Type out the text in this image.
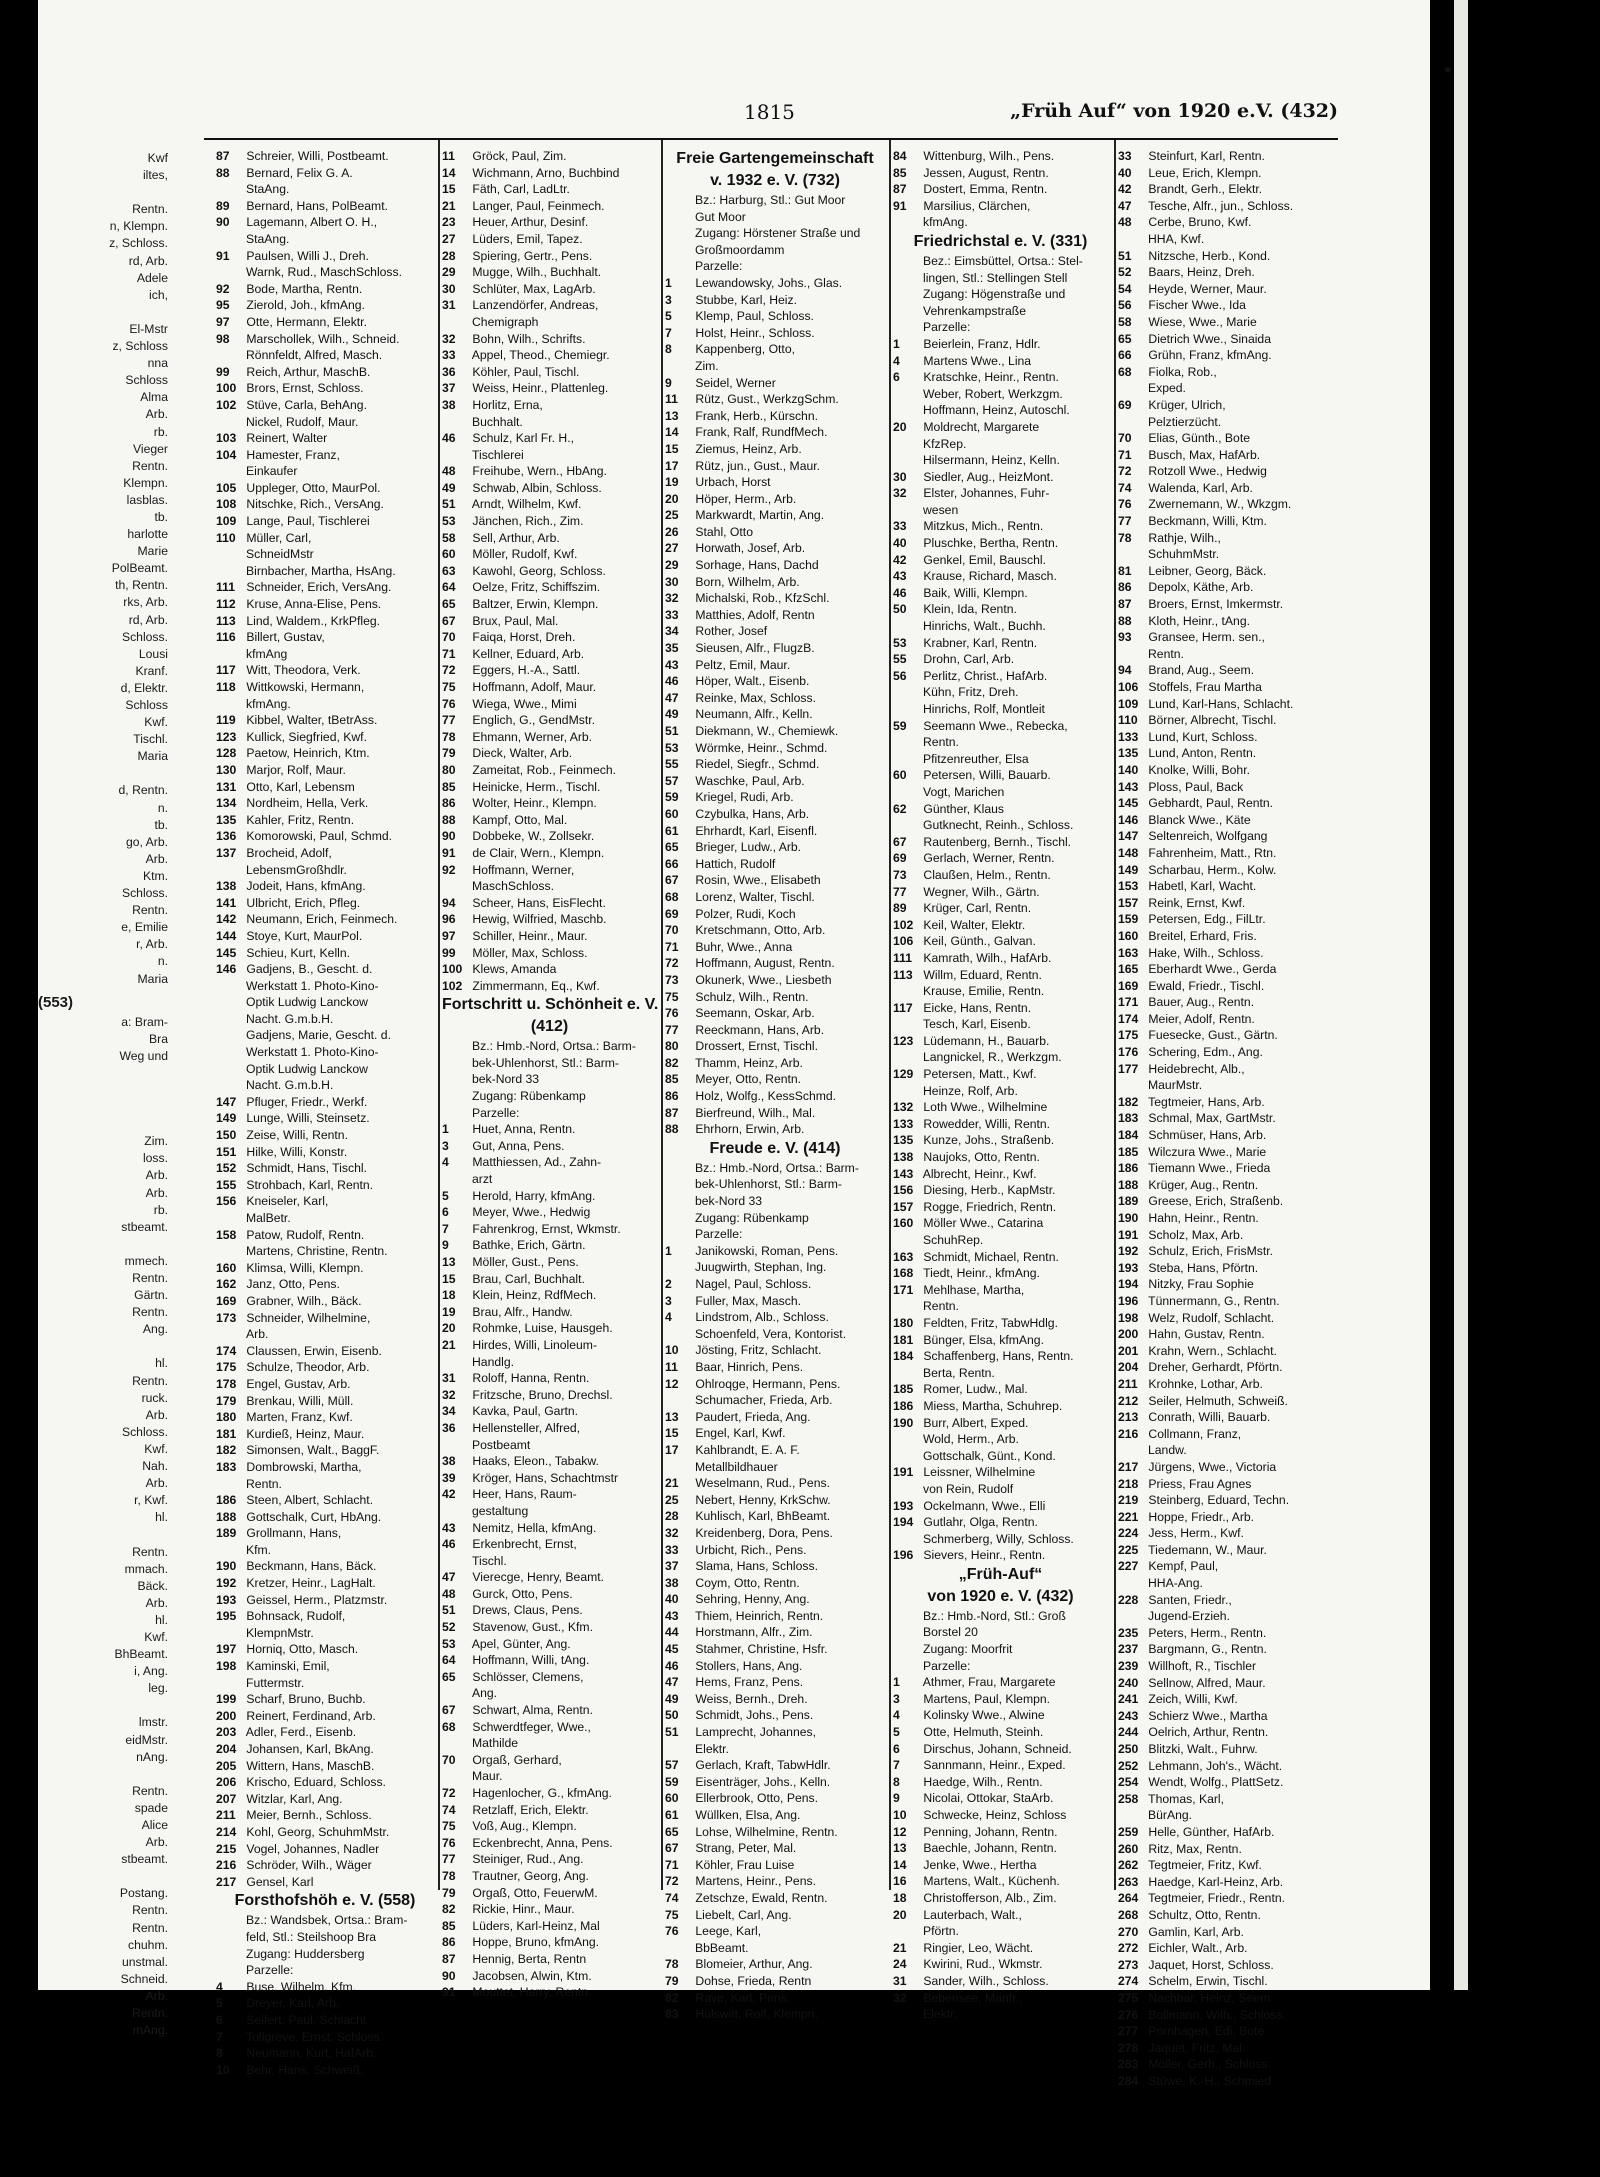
Kwf
iltes,
Rentn.
n, Klempn.
z, Schloss.
rd, Arb.
Adele
ich,
El-Mstr
z, Schloss
nna
Schloss
Alma
Arb.
rb.
Vieger
Rentn.
Klempn.
lasblas.
tb.
harlotte
Marie
PolBeamt.
th, Rentn.
rks, Arb.
rd, Arb.
Schloss.
Lousi
Kranf.
d, Elektr.
Schloss
Kwf.
Tischl.
Maria
d, Rentn.
n.
tb.
go, Arb.
Arb.
Ktm.
Schloss.
Rentn.
e, Emilie
r, Arb.
n.
Maria
(553)
a: Bram-
Bra
Weg und
Zim.
loss.
Arb.
Arb.
rb.
stbeamt.
mmech.
Rentn.
Gärtn.
Rentn.
Ang.
hl.
Rentn.
ruck.
Arb.
Schloss.
Kwf.
Nah.
Arb.
r, Kwf.
hl.
Rentn.
mmach.
Bäck.
Arb.
hl.
Kwf.
BhBeamt.
i, Ang.
leg.
lmstr.
eidMstr.
nAng.
Rentn.
spade
Alice
Arb.
stbeamt.
Postang.
Rentn.
Rentn.
chuhm.
unstmal.
Schneid.
Arb.
Rentn.
mAng.
1815	„Früh Auf“ von 1920 e.V. (432)
87 Schreier, Willi, Postbeamt.
88 Bernard, Felix G. A.
StaAng.
89 Bernard, Hans, PolBeamt.
90 Lagemann, Albert O. H.,
StaAng.
91 Paulsen, Willi J., Dreh.
Warnk, Rud., MaschSchloss.
92 Bode, Martha, Rentn.
95 Zierold, Joh., kfmAng.
97 Otte, Hermann, Elektr.
98 Marschollek, Wilh., Schneid.
Rönnfeldt, Alfred, Masch.
99 Reich, Arthur, MaschB.
100 Brors, Ernst, Schloss.
102 Stüve, Carla, BehAng.
Nickel, Rudolf, Maur.
103 Reinert, Walter
104 Hamester, Franz,
Einkaufer
105 Uppleger, Otto, MaurPol.
108 Nitschke, Rich., VersAng.
109 Lange, Paul, Tischlerei
110 Müller, Carl,
SchneidMstr
Birnbacher, Martha, HsAng.
111 Schneider, Erich, VersAng.
112 Kruse, Anna-Elise, Pens.
113 Lind, Waldem., KrkPfleg.
116 Billert, Gustav,
kfmAng
117 Witt, Theodora, Verk.
118 Wittkowski, Hermann,
kfmAng.
119 Kibbel, Walter, tBetrAss.
123 Kullick, Siegfried, Kwf.
128 Paetow, Heinrich, Ktm.
130 Marjor, Rolf, Maur.
131 Otto, Karl, Lebensm
134 Nordheim, Hella, Verk.
135 Kahler, Fritz, Rentn.
136 Komorowski, Paul, Schmd.
137 Brocheid, Adolf,
LebensmGroßhdlr.
138 Jodeit, Hans, kfmAng.
141 Ulbricht, Erich, Pfleg.
142 Neumann, Erich, Feinmech.
144 Stoye, Kurt, MaurPol.
145 Schieu, Kurt, Kelln.
146 Gadjens, B., Gescht. d.
Werkstatt 1. Photo-Kino-
Optik Ludwig Lanckow
Nacht. G.m.b.H.
Gadjens, Marie, Gescht. d.
Werkstatt 1. Photo-Kino-
Optik Ludwig Lanckow
Nacht. G.m.b.H.
147 Pfluger, Friedr., Werkf.
149 Lunge, Willi, Steinsetz.
150 Zeise, Willi, Rentn.
151 Hilke, Willi, Konstr.
152 Schmidt, Hans, Tischl.
155 Strohbach, Karl, Rentn.
156 Kneiseler, Karl,
MalBetr.
158 Patow, Rudolf, Rentn.
Martens, Christine, Rentn.
160 Klimsa, Willi, Klempn.
162 Janz, Otto, Pens.
169 Grabner, Wilh., Bäck.
173 Schneider, Wilhelmine,
Arb.
174 Claussen, Erwin, Eisenb.
175 Schulze, Theodor, Arb.
178 Engel, Gustav, Arb.
179 Brenkau, Willi, Müll.
180 Marten, Franz, Kwf.
181 Kurdieß, Heinz, Maur.
182 Simonsen, Walt., BaggF.
183 Dombrowski, Martha,
Rentn.
186 Steen, Albert, Schlacht.
188 Gottschalk, Curt, HbAng.
189 Grollmann, Hans,
Kfm.
190 Beckmann, Hans, Bäck.
192 Kretzer, Heinr., LagHalt.
193 Geissel, Herm., Platzmstr.
195 Bohnsack, Rudolf,
KlempnMstr.
197 Horniq, Otto, Masch.
198 Kaminski, Emil,
Futtermstr.
199 Scharf, Bruno, Buchb.
200 Reinert, Ferdinand, Arb.
203 Adler, Ferd., Eisenb.
204 Johansen, Karl, BkAng.
205 Wittern, Hans, MaschB.
206 Krischo, Eduard, Schloss.
207 Witzlar, Karl, Ang.
211 Meier, Bernh., Schloss.
214 Kohl, Georg, SchuhmMstr.
215 Vogel, Johannes, Nadler
216 Schröder, Wilh., Wäger
217 Gensel, Karl
Forsthofshöh e. V. (558)
Bz.: Wandsbek, Ortsa.: Bram-
feld, Stl.: Steilshoop Bra
Zugang: Huddersberg
Parzelle:
4 Buse, Wilhelm, Kfm.
5 Dreyer, Karl, Arb.
6 Seifert, Paul, Schlacht.
7 Tollgreve, Ernst, Schloss.
8 Neumann, Kurt, HafArb.
10 Behr, Hans, Schweiß.
11 Gröck, Paul, Zim.
14 Wichmann, Arno, Buchbind
15 Fäth, Carl, LadLtr.
21 Langer, Paul, Feinmech.
23 Heuer, Arthur, Desinf.
27 Lüders, Emil, Tapez.
28 Spiering, Gertr., Pens.
29 Mugge, Wilh., Buchhalt.
30 Schlüter, Max, LagArb.
31 Lanzendörfer, Andreas,
Chemigraph
32 Bohn, Wilh., Schrifts.
33 Appel, Theod., Chemiegr.
36 Köhler, Paul, Tischl.
37 Weiss, Heinr., Plattenleg.
38 Horlitz, Erna,
Buchhalt.
46 Schulz, Karl Fr. H.,
Tischlerei
48 Freihube, Wern., HbAng.
49 Schwab, Albin, Schloss.
51 Arndt, Wilhelm, Kwf.
53 Jänchen, Rich., Zim.
58 Sell, Arthur, Arb.
60 Möller, Rudolf, Kwf.
63 Kawohl, Georg, Schloss.
64 Oelze, Fritz, Schiffszim.
65 Baltzer, Erwin, Klempn.
67 Brux, Paul, Mal.
70 Faiqa, Horst, Dreh.
71 Kellner, Eduard, Arb.
72 Eggers, H.-A., Sattl.
75 Hoffmann, Adolf, Maur.
76 Wiega, Wwe., Mimi
77 Englich, G., GendMstr.
78 Ehmann, Werner, Arb.
79 Dieck, Walter, Arb.
80 Zameitat, Rob., Feinmech.
85 Heinicke, Herm., Tischl.
86 Wolter, Heinr., Klempn.
88 Kampf, Otto, Mal.
90 Dobbeke, W., Zollsekr.
91 de Clair, Wern., Klempn.
92 Hoffmann, Werner,
MaschSchloss.
94 Scheer, Hans, EisFlecht.
96 Hewig, Wilfried, Maschb.
97 Schiller, Heinr., Maur.
99 Möller, Max, Schloss.
100 Klews, Amanda
102 Zimmermann, Eq., Kwf.
Fortschritt u. Schönheit e. V.
(412)
Bz.: Hmb.-Nord, Ortsa.: Barm-
bek-Uhlenhorst, Stl.: Barm-
bek-Nord 33
Zugang: Rübenkamp
Parzelle:
1 Huet, Anna, Rentn.
3 Gut, Anna, Pens.
4 Matthiessen, Ad., Zahn-
arzt
5 Herold, Harry, kfmAng.
6 Meyer, Wwe., Hedwig
7 Fahrenkrog, Ernst, Wkmstr.
9 Bathke, Erich, Gärtn.
13 Möller, Gust., Pens.
15 Brau, Carl, Buchhalt.
18 Klein, Heinz, RdfMech.
19 Brau, Alfr., Handw.
20 Rohmke, Luise, Hausgeh.
21 Hirdes, Willi, Linoleum-
Handlg.
31 Roloff, Hanna, Rentn.
32 Fritzsche, Bruno, Drechsl.
34 Kavka, Paul, Gartn.
36 Hellensteller, Alfred,
Postbeamt
38 Haaks, Eleon., Tabakw.
39 Kröger, Hans, Schachtmstr
42 Heer, Hans, Raum-
gestaltung
43 Nemitz, Hella, kfmAng.
46 Erkenbrecht, Ernst,
Tischl.
47 Vierecge, Henry, Beamt.
48 Gurck, Otto, Pens.
51 Drews, Claus, Pens.
52 Stavenow, Gust., Kfm.
53 Apel, Günter, Ang.
64 Hoffmann, Willi, tAng.
65 Schlösser, Clemens,
Ang.
67 Schwart, Alma, Rentn.
68 Schwerdtfeger, Wwe.,
Mathilde
70 Orgaß, Gerhard,
Maur.
72 Hagenlocher, G., kfmAng.
74 Retzlaff, Erich, Elektr.
75 Voß, Aug., Klempn.
76 Eckenbrecht, Anna, Pens.
77 Steiniger, Rud., Ang.
78 Trautner, Georg, Ang.
79 Orgaß, Otto, FeuerwM.
82 Rickie, Hinr., Maur.
85 Lüders, Karl-Heinz, Mal
86 Hoppe, Bruno, kfmAng.
87 Hennig, Berta, Rentn
90 Jacobsen, Alwin, Ktm.
91 Mouttet, Harry, Rentn.
Freie Gartengemeinschaft
v. 1932 e. V. (732)
Bz.: Harburg, Stl.: Gut Moor
Gut Moor
Zugang: Hörstener Straße und
Großmoordamm
Parzelle:
1 Lewandowsky, Johs., Glas.
3 Stubbe, Karl, Heiz.
5 Klemp, Paul, Schloss.
7 Holst, Heinr., Schloss.
8 Kappenberg, Otto,
Zim.
9 Seidel, Werner
11 Rütz, Gust., WerkzgSchm.
13 Frank, Herb., Kürschn.
14 Frank, Ralf, RundfMech.
15 Ziemus, Heinz, Arb.
17 Rütz, jun., Gust., Maur.
19 Urbach, Horst
20 Höper, Herm., Arb.
25 Markwardt, Martin, Ang.
26 Stahl, Otto
27 Horwath, Josef, Arb.
29 Sorhage, Hans, Dachd
30 Born, Wilhelm, Arb.
32 Michalski, Rob., KfzSchl.
33 Matthies, Adolf, Rentn
34 Rother, Josef
35 Sieusen, Alfr., FlugzB.
43 Peltz, Emil, Maur.
46 Höper, Walt., Eisenb.
47 Reinke, Max, Schloss.
49 Neumann, Alfr., Kelln.
51 Diekmann, W., Chemiewk.
53 Wörmke, Heinr., Schmd.
55 Riedel, Siegfr., Schmd.
57 Waschke, Paul, Arb.
59 Kriegel, Rudi, Arb.
60 Czybulka, Hans, Arb.
61 Ehrhardt, Karl, Eisenfl.
65 Brieger, Ludw., Arb.
66 Hattich, Rudolf
67 Rosin, Wwe., Elisabeth
68 Lorenz, Walter, Tischl.
69 Polzer, Rudi, Koch
70 Kretschmann, Otto, Arb.
71 Buhr, Wwe., Anna
72 Hoffmann, August, Rentn.
73 Okunerk, Wwe., Liesbeth
75 Schulz, Wilh., Rentn.
76 Seemann, Oskar, Arb.
77 Reeckmann, Hans, Arb.
80 Drossert, Ernst, Tischl.
82 Thamm, Heinz, Arb.
85 Meyer, Otto, Rentn.
86 Holz, Wolfg., KessSchmd.
87 Bierfreund, Wilh., Mal.
88 Ehrhorn, Erwin, Arb.
Freude e. V. (414)
Bz.: Hmb.-Nord, Ortsa.: Barm-
bek-Uhlenhorst, Stl.: Barm-
bek-Nord 33
Zugang: Rübenkamp
Parzelle:
1 Janikowski, Roman, Pens.
Juugwirth, Stephan, Ing.
2 Nagel, Paul, Schloss.
3 Fuller, Max, Masch.
4 Lindstrom, Alb., Schloss.
Schoenfeld, Vera, Kontorist.
10 Jösting, Fritz, Schlacht.
11 Baar, Hinrich, Pens.
12 Ohlroqge, Hermann, Pens.
Schumacher, Frieda, Arb.
13 Paudert, Frieda, Ang.
15 Engel, Karl, Kwf.
17 Kahlbrandt, E. A. F.
Metallbildhauer
21 Weselmann, Rud., Pens.
25 Nebert, Henny, KrkSchw.
28 Kuhlisch, Karl, BhBeamt.
32 Kreidenberg, Dora, Pens.
33 Urbicht, Rich., Pens.
37 Slama, Hans, Schloss.
38 Coym, Otto, Rentn.
40 Sehring, Henny, Ang.
43 Thiem, Heinrich, Rentn.
44 Horstmann, Alfr., Zim.
45 Stahmer, Christine, Hsfr.
46 Stollers, Hans, Ang.
47 Hems, Franz, Pens.
49 Weiss, Bernh., Dreh.
50 Schmidt, Johs., Pens.
51 Lamprecht, Johannes,
Elektr.
57 Gerlach, Kraft, TabwHdlr.
59 Eisenträger, Johs., Kelln.
60 Ellerbrook, Otto, Pens.
61 Wüllken, Elsa, Ang.
65 Lohse, Wilhelmine, Rentn.
67 Strang, Peter, Mal.
71 Köhler, Frau Luise
72 Martens, Heinr., Pens.
74 Zetschze, Ewald, Rentn.
75 Liebelt, Carl, Ang.
76 Leege, Karl,
BbBeamt.
78 Blomeier, Arthur, Ang.
79 Dohse, Frieda, Rentn
82 Rave, Karl, Pens.
83 Hülswitt, Rolf, Klempn.
84 Wittenburg, Wilh., Pens.
85 Jessen, August, Rentn.
87 Dostert, Emma, Rentn.
91 Marsilius, Clärchen,
kfmAng.
Friedrichstal e. V. (331)
Bez.: Eimsbüttel, Ortsa.: Stel-
lingen, Stl.: Stellingen Stell
Zugang: Högenstraße und
Vehrenkampstraße
Parzelle:
1 Beierlein, Franz, Hdlr.
4 Martens Wwe., Lina
6 Kratschke, Heinr., Rentn.
Weber, Robert, Werkzgm.
Hoffmann, Heinz, Autoschl.
20 Moldrecht, Margarete
KfzRep.
Hilsermann, Heinz, Kelln.
30 Siedler, Aug., HeizMont.
32 Elster, Johannes, Fuhr-
wesen
33 Mitzkus, Mich., Rentn.
40 Pluschke, Bertha, Rentn.
42 Genkel, Emil, Bauschl.
43 Krause, Richard, Masch.
46 Baik, Willi, Klempn.
50 Klein, Ida, Rentn.
Hinrichs, Walt., Buchh.
53 Krabner, Karl, Rentn.
55 Drohn, Carl, Arb.
56 Perlitz, Christ., HafArb.
Kühn, Fritz, Dreh.
Hinrichs, Rolf, Montleit
59 Seemann Wwe., Rebecka,
Rentn.
Pfitzenreuther, Elsa
60 Petersen, Willi, Bauarb.
Vogt, Marichen
62 Günther, Klaus
Gutknecht, Reinh., Schloss.
67 Rautenberg, Bernh., Tischl.
69 Gerlach, Werner, Rentn.
73 Claußen, Helm., Rentn.
77 Wegner, Wilh., Gärtn.
89 Krüger, Carl, Rentn.
102 Keil, Walter, Elektr.
106 Keil, Günth., Galvan.
111 Kamrath, Wilh., HafArb.
113 Willm, Eduard, Rentn.
Krause, Emilie, Rentn.
117 Eicke, Hans, Rentn.
Tesch, Karl, Eisenb.
123 Lüdemann, H., Bauarb.
Langnickel, R., Werkzgm.
129 Petersen, Matt., Kwf.
Heinze, Rolf, Arb.
132 Loth Wwe., Wilhelmine
133 Rowedder, Willi, Rentn.
135 Kunze, Johs., Straßenb.
138 Naujoks, Otto, Rentn.
143 Albrecht, Heinr., Kwf.
156 Diesing, Herb., KapMstr.
157 Rogge, Friedrich, Rentn.
160 Möller Wwe., Catarina
SchuhRep.
163 Schmidt, Michael, Rentn.
168 Tiedt, Heinr., kfmAng.
171 Mehlhase, Martha,
Rentn.
180 Feldten, Fritz, TabwHdlg.
181 Bünger, Elsa, kfmAng.
184 Schaffenberg, Hans, Rentn.
Berta, Rentn.
185 Romer, Ludw., Mal.
186 Miess, Martha, Schuhrep.
190 Burr, Albert, Exped.
Wold, Herm., Arb.
Gottschalk, Günt., Kond.
191 Leissner, Wilhelmine
von Rein, Rudolf
193 Ockelmann, Wwe., Elli
194 Gutlahr, Olga, Rentn.
Schmerberg, Willy, Schloss.
196 Sievers, Heinr., Rentn.
„Früh-Auf“
von 1920 e. V. (432)
Bz.: Hmb.-Nord, Stl.: Groß
Borstel 20
Zugang: Moorfrit
Parzelle:
1 Athmer, Frau, Margarete
3 Martens, Paul, Klempn.
4 Kolinsky Wwe., Alwine
5 Otte, Helmuth, Steinh.
6 Dirschus, Johann, Schneid.
7 Sannmann, Heinr., Exped.
8 Haedge, Wilh., Rentn.
9 Nicolai, Ottokar, StaArb.
10 Schwecke, Heinz, Schloss
12 Penning, Johann, Rentn.
13 Baechle, Johann, Rentn.
14 Jenke, Wwe., Hertha
16 Martens, Walt., Küchenh.
18 Christofferson, Alb., Zim.
20 Lauterbach, Walt.,
Pförtn.
21 Ringier, Leo, Wächt.
24 Kwirini, Rud., Wkmstr.
31 Sander, Wilh., Schloss.
32 Bebensee, Manfr.,
Elektr.
33 Steinfurt, Karl, Rentn.
40 Leue, Erich, Klempn.
42 Brandt, Gerh., Elektr.
47 Tesche, Alfr., jun., Schloss.
48 Cerbe, Bruno, Kwf.
HHA, Kwf.
51 Nitzsche, Herb., Kond.
52 Baars, Heinz, Dreh.
54 Heyde, Werner, Maur.
56 Fischer Wwe., Ida
58 Wiese, Wwe., Marie
65 Dietrich Wwe., Sinaida
66 Grühn, Franz, kfmAng.
68 Fiolka, Rob.,
Exped.
69 Krüger, Ulrich,
Pelztierzücht.
70 Elias, Günth., Bote
71 Busch, Max, HafArb.
72 Rotzoll Wwe., Hedwig
74 Walenda, Karl, Arb.
76 Zwernemann, W., Wkzgm.
77 Beckmann, Willi, Ktm.
78 Rathje, Wilh.,
SchuhmMstr.
81 Leibner, Georg, Bäck.
86 Depolx, Käthe, Arb.
87 Broers, Ernst, Imkermstr.
88 Kloth, Heinr., tAng.
93 Gransee, Herm. sen.,
Rentn.
94 Brand, Aug., Seem.
106 Stoffels, Frau Martha
109 Lund, Karl-Hans, Schlacht.
110 Börner, Albrecht, Tischl.
133 Lund, Kurt, Schloss.
135 Lund, Anton, Rentn.
140 Knolke, Willi, Bohr.
143 Ploss, Paul, Back
145 Gebhardt, Paul, Rentn.
146 Blanck Wwe., Käte
147 Seltenreich, Wolfgang
148 Fahrenheim, Matt., Rtn.
149 Scharbau, Herm., Kolw.
153 Habetl, Karl, Wacht.
157 Reink, Ernst, Kwf.
159 Petersen, Edg., FilLtr.
160 Breitel, Erhard, Fris.
163 Hake, Wilh., Schloss.
165 Eberhardt Wwe., Gerda
169 Ewald, Friedr., Tischl.
171 Bauer, Aug., Rentn.
174 Meier, Adolf, Rentn.
175 Fuesecke, Gust., Gärtn.
176 Schering, Edm., Ang.
177 Heidebrecht, Alb.,
MaurMstr.
182 Tegtmeier, Hans, Arb.
183 Schmal, Max, GartMstr.
184 Schmüser, Hans, Arb.
185 Wilczura Wwe., Marie
186 Tiemann Wwe., Frieda
188 Krüger, Aug., Rentn.
189 Greese, Erich, Straßenb.
190 Hahn, Heinr., Rentn.
191 Scholz, Max, Arb.
192 Schulz, Erich, FrisMstr.
193 Steba, Hans, Pförtn.
194 Nitzky, Frau Sophie
196 Tünnermann, G., Rentn.
198 Welz, Rudolf, Schlacht.
200 Hahn, Gustav, Rentn.
201 Krahn, Wern., Schlacht.
204 Dreher, Gerhardt, Pförtn.
211 Krohnke, Lothar, Arb.
212 Seiler, Helmuth, Schweiß.
213 Conrath, Willi, Bauarb.
216 Collmann, Franz,
Landw.
217 Jürgens, Wwe., Victoria
218 Priess, Frau Agnes
219 Steinberg, Eduard, Techn.
221 Hoppe, Friedr., Arb.
224 Jess, Herm., Kwf.
225 Tiedemann, W., Maur.
227 Kempf, Paul,
HHA-Ang.
228 Santen, Friedr.,
Jugend-Erzieh.
235 Peters, Herm., Rentn.
237 Bargmann, G., Rentn.
239 Willhoft, R., Tischler
240 Sellnow, Alfred, Maur.
241 Zeich, Willi, Kwf.
243 Schierz Wwe., Martha
244 Oelrich, Arthur, Rentn.
250 Blitzki, Walt., Fuhrw.
252 Lehmann, Joh's., Wächt.
254 Wendt, Wolfg., PlattSetz.
258 Thomas, Karl,
BürAng.
259 Helle, Günther, HafArb.
260 Ritz, Max, Rentn.
262 Tegtmeier, Fritz, Kwf.
263 Haedge, Karl-Heinz, Arb.
264 Tegtmeier, Friedr., Rentn.
268 Schultz, Otto, Rentn.
270 Gamlin, Karl, Arb.
272 Eichler, Walt., Arb.
273 Jaquet, Horst, Schloss.
274 Schelm, Erwin, Tischl.
275 Nachbar, Heinz, Seem.
276 Bollmann, Wilh., Schloss.
277 Pornhagen, Edi, Bote
278 Jaquet, Fritz, Mal.
283 Möller, Gerh., Schloss.
284 Stüwe, K.-H., Schmied
•
